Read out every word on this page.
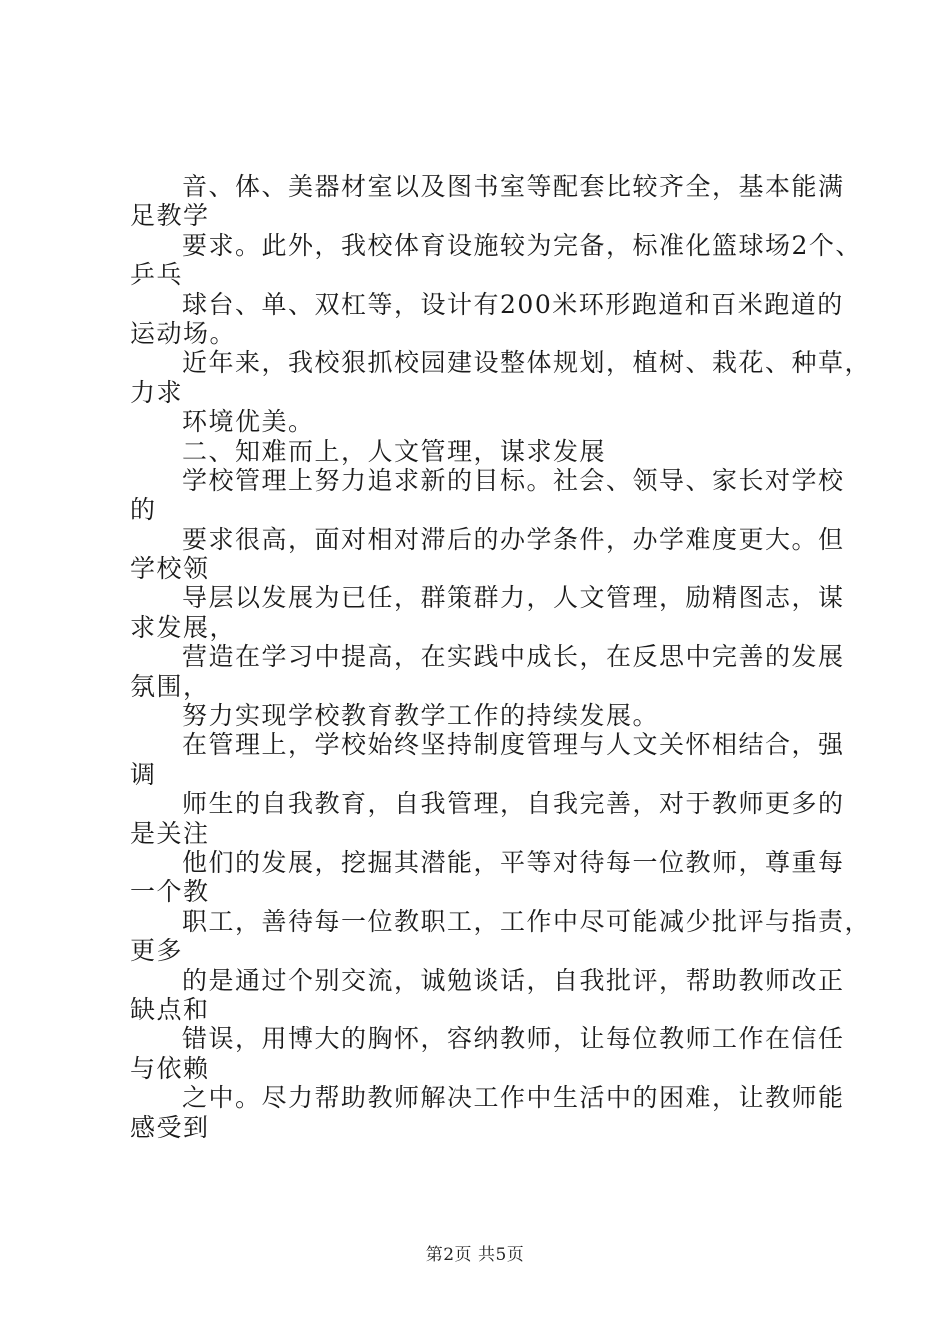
音、体、美器材室以及图书室等配套比较齐全，基本能满
足教学
要求。此外，我校体育设施较为完备，标准化篮球场2个、
乒乓
球台、单、双杠等，设计有200米环形跑道和百米跑道的
运动场。
近年来，我校狠抓校园建设整体规划，植树、栽花、种草，
力求
环境优美。
二、知难而上，人文管理，谋求发展
学校管理上努力追求新的目标。社会、领导、家长对学校
的
要求很高，面对相对滞后的办学条件，办学难度更大。但
学校领
导层以发展为已任，群策群力，人文管理，励精图志，谋
求发展，
营造在学习中提高，在实践中成长，在反思中完善的发展
氛围，
努力实现学校教育教学工作的持续发展。
在管理上，学校始终坚持制度管理与人文关怀相结合，强
调
师生的自我教育，自我管理，自我完善，对于教师更多的
是关注
他们的发展，挖掘其潜能，平等对待每一位教师，尊重每
一个教
职工，善待每一位教职工，工作中尽可能减少批评与指责，
更多
的是通过个别交流，诚勉谈话，自我批评，帮助教师改正
缺点和
错误，用博大的胸怀，容纳教师，让每位教师工作在信任
与依赖
之中。尽力帮助教师解决工作中生活中的困难，让教师能
感受到
第2页 共5页
